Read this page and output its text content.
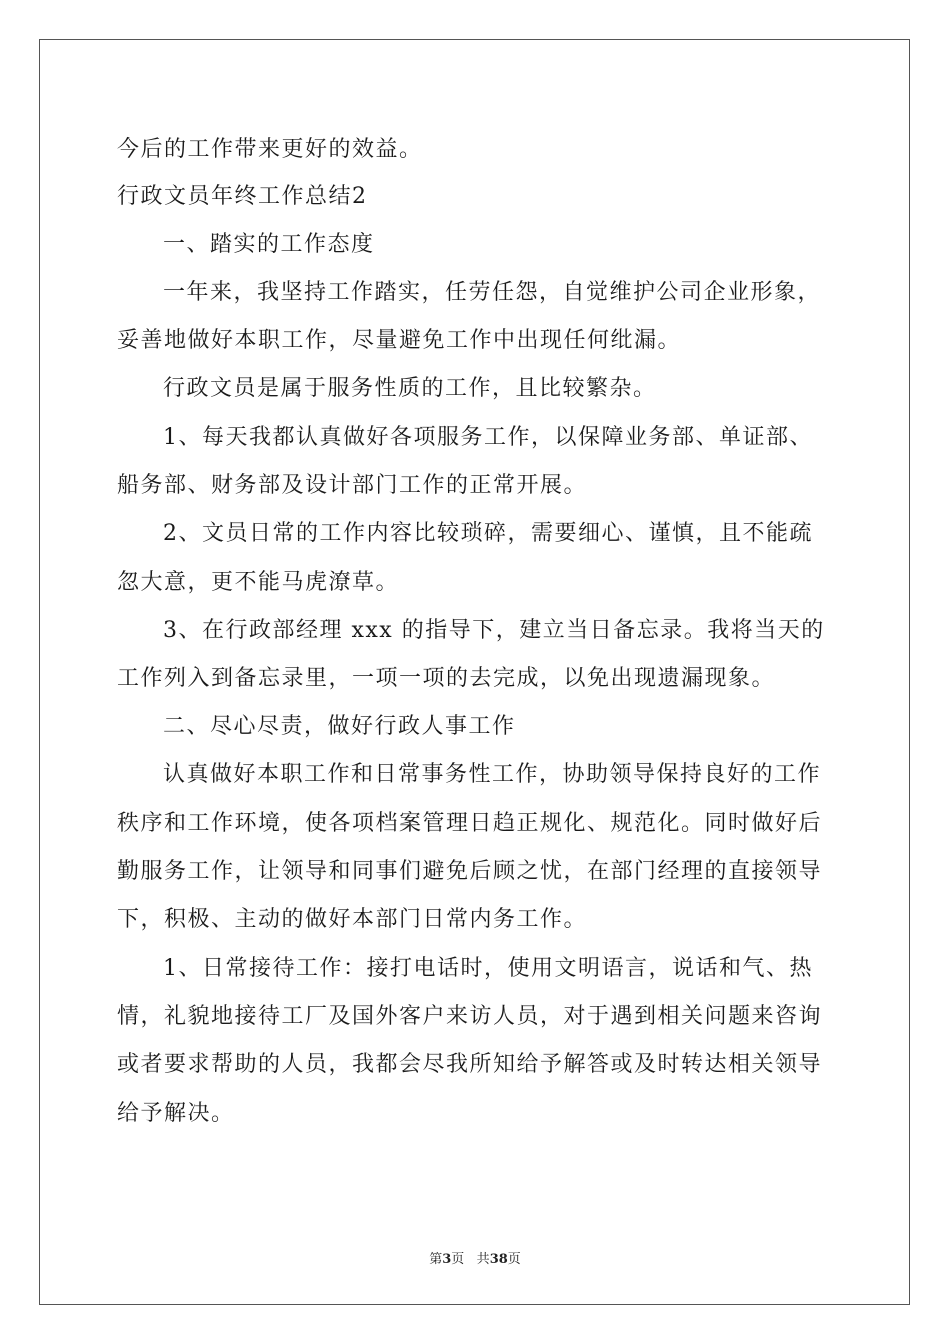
今后的工作带来更好的效益。
行政文员年终工作总结2
一、踏实的工作态度
一年来，我坚持工作踏实，任劳任怨，自觉维护公司企业形象，
妥善地做好本职工作，尽量避免工作中出现任何纰漏。
行政文员是属于服务性质的工作，且比较繁杂。
1、每天我都认真做好各项服务工作，以保障业务部、单证部、
船务部、财务部及设计部门工作的正常开展。
2、文员日常的工作内容比较琐碎，需要细心、谨慎，且不能疏
忽大意，更不能马虎潦草。
3、在行政部经理 xxx 的指导下，建立当日备忘录。我将当天的
工作列入到备忘录里，一项一项的去完成，以免出现遗漏现象。
二、尽心尽责，做好行政人事工作
认真做好本职工作和日常事务性工作，协助领导保持良好的工作
秩序和工作环境，使各项档案管理日趋正规化、规范化。同时做好后
勤服务工作，让领导和同事们避免后顾之忧，在部门经理的直接领导
下，积极、主动的做好本部门日常内务工作。
1、日常接待工作：接打电话时，使用文明语言，说话和气、热
情，礼貌地接待工厂及国外客户来访人员，对于遇到相关问题来咨询
或者要求帮助的人员，我都会尽我所知给予解答或及时转达相关领导
给予解决。
第3页 共38页
